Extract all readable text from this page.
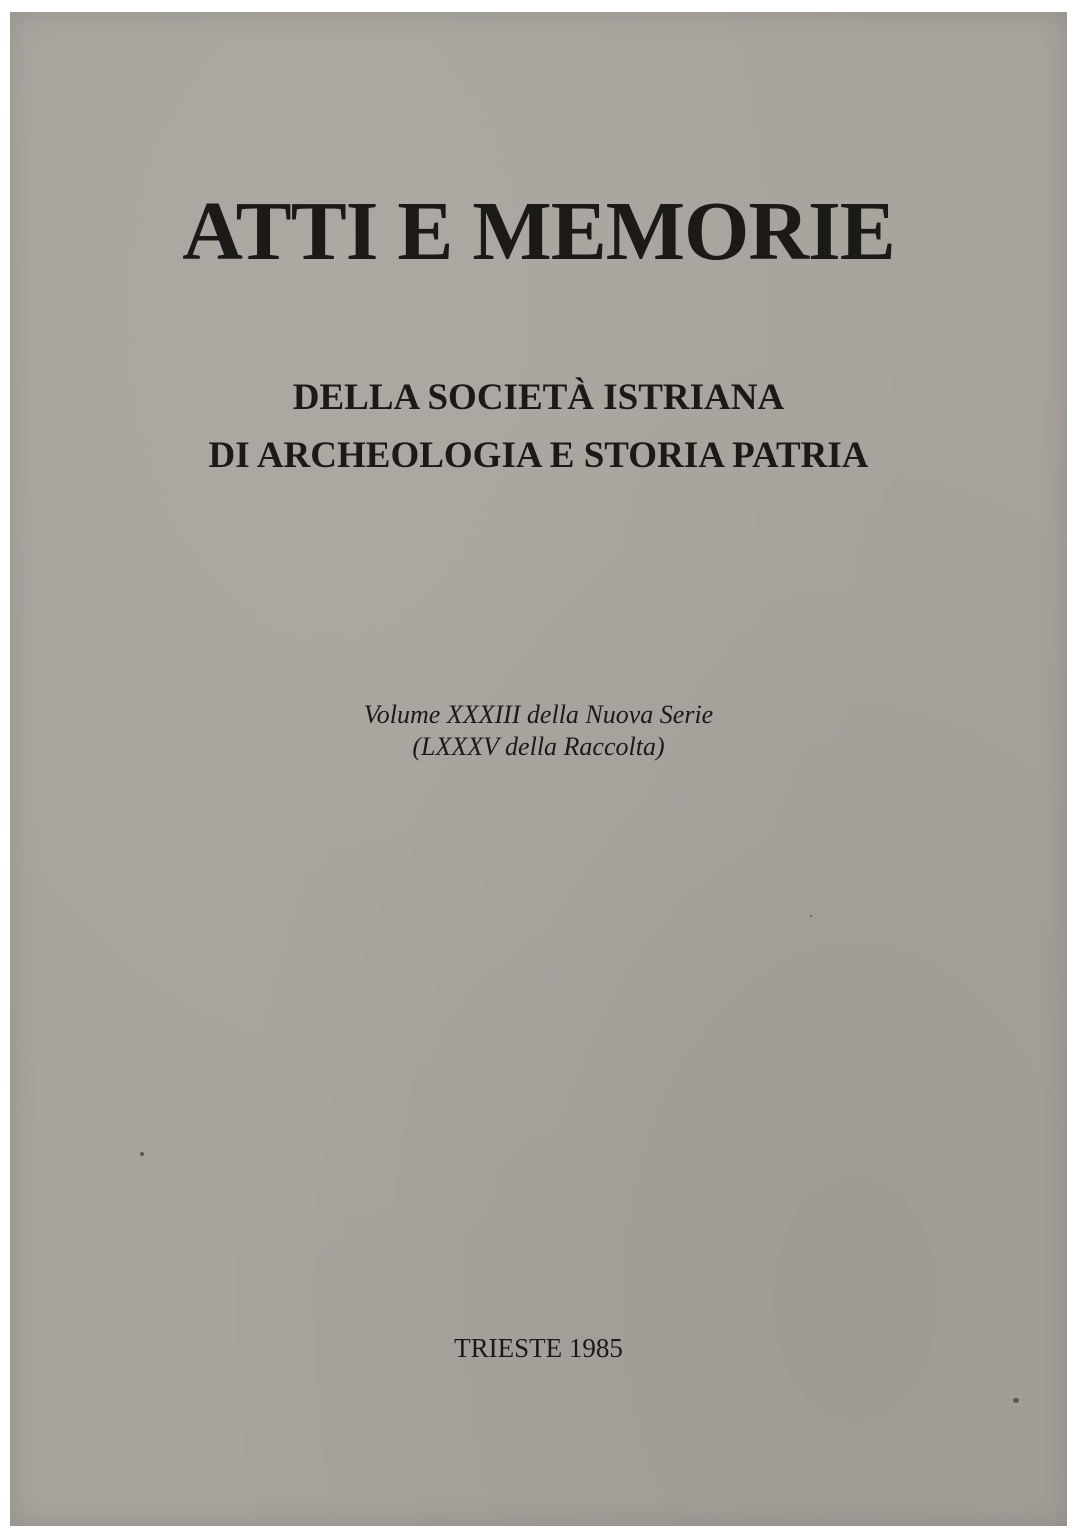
ATTI E MEMORIE
DELLA SOCIETÀ ISTRIANA
DI ARCHEOLOGIA E STORIA PATRIA
Volume XXXIII della Nuova Serie
(LXXXV della Raccolta)
TRIESTE 1985
